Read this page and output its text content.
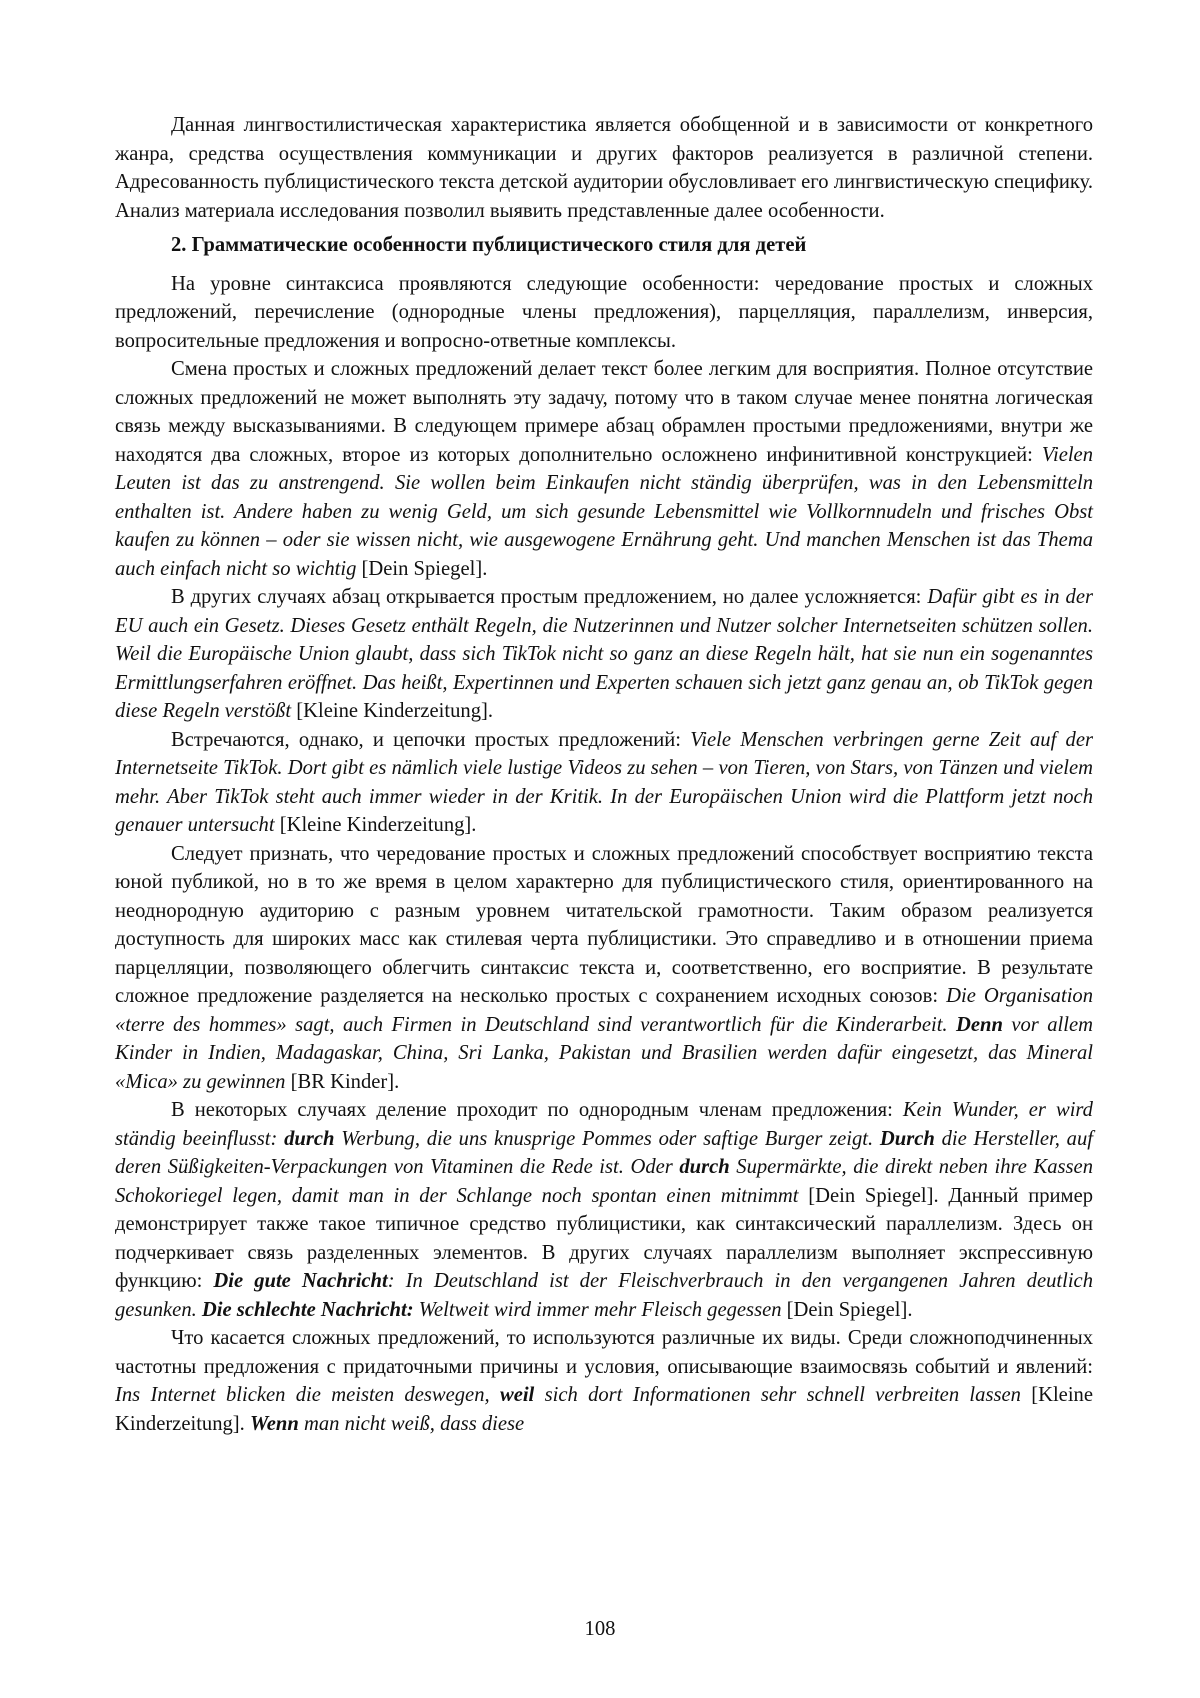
Данная лингвостилистическая характеристика является обобщенной и в зависимости от конкретного жанра, средства осуществления коммуникации и других факторов реализуется в различной степени. Адресованность публицистического текста детской аудитории обусловливает его лингвистическую специфику. Анализ материала исследования позволил выявить представленные далее особенности.

2. Грамматические особенности публицистического стиля для детей

На уровне синтаксиса проявляются следующие особенности: чередование простых и сложных предложений, перечисление (однородные члены предложения), парцелляция, параллелизм, инверсия, вопросительные предложения и вопросно-ответные комплексы.

Смена простых и сложных предложений делает текст более легким для восприятия. Полное отсутствие сложных предложений не может выполнять эту задачу, потому что в таком случае менее понятна логическая связь между высказываниями. В следующем примере абзац обрамлен простыми предложениями, внутри же находятся два сложных, второе из которых дополнительно осложнено инфинитивной конструкцией: Vielen Leuten ist das zu anstrengend. Sie wollen beim Einkaufen nicht ständig überprüfen, was in den Lebensmitteln enthalten ist. Andere haben zu wenig Geld, um sich gesunde Lebensmittel wie Vollkornnudeln und frisches Obst kaufen zu können – oder sie wissen nicht, wie ausgewogene Ernährung geht. Und manchen Menschen ist das Thema auch einfach nicht so wichtig [Dein Spiegel].

В других случаях абзац открывается простым предложением, но далее усложняется: Dafür gibt es in der EU auch ein Gesetz. Dieses Gesetz enthält Regeln, die Nutzerinnen und Nutzer solcher Internetseiten schützen sollen. Weil die Europäische Union glaubt, dass sich TikTok nicht so ganz an diese Regeln hält, hat sie nun ein sogenanntes Ermittlungserfahren eröffnet. Das heißt, Expertinnen und Experten schauen sich jetzt ganz genau an, ob TikTok gegen diese Regeln verstößt [Kleine Kinderzeitung].

Встречаются, однако, и цепочки простых предложений: Viele Menschen verbringen gerne Zeit auf der Internetseite TikTok. Dort gibt es nämlich viele lustige Videos zu sehen – von Tieren, von Stars, von Tänzen und vielem mehr. Aber TikTok steht auch immer wieder in der Kritik. In der Europäischen Union wird die Plattform jetzt noch genauer untersucht [Kleine Kinderzeitung].

Следует признать, что чередование простых и сложных предложений способствует восприятию текста юной публикой, но в то же время в целом характерно для публицистического стиля, ориентированного на неоднородную аудиторию с разным уровнем читательской грамотности. Таким образом реализуется доступность для широких масс как стилевая черта публицистики. Это справедливо и в отношении приема парцелляции, позволяющего облегчить синтаксис текста и, соответственно, его восприятие. В результате сложное предложение разделяется на несколько простых с сохранением исходных союзов: Die Organisation «terre des hommes» sagt, auch Firmen in Deutschland sind verantwortlich für die Kinderarbeit. Denn vor allem Kinder in Indien, Madagaskar, China, Sri Lanka, Pakistan und Brasilien werden dafür eingesetzt, das Mineral «Mica» zu gewinnen [BR Kinder].

В некоторых случаях деление проходит по однородным членам предложения: Kein Wunder, er wird ständig beeinflusst: durch Werbung, die uns knusprige Pommes oder saftige Burger zeigt. Durch die Hersteller, auf deren Süßigkeiten-Verpackungen von Vitaminen die Rede ist. Oder durch Supermärkte, die direkt neben ihre Kassen Schokoriegel legen, damit man in der Schlange noch spontan einen mitnimmt [Dein Spiegel]. Данный пример демонстрирует также такое типичное средство публицистики, как синтаксический параллелизм. Здесь он подчеркивает связь разделенных элементов. В других случаях параллелизм выполняет экспрессивную функцию: Die gute Nachricht: In Deutschland ist der Fleischverbrauch in den vergangenen Jahren deutlich gesunken. Die schlechte Nachricht: Weltweit wird immer mehr Fleisch gegessen [Dein Spiegel].

Что касается сложных предложений, то используются различные их виды. Среди сложноподчиненных частотны предложения с придаточными причины и условия, описывающие взаимосвязь событий и явлений: Ins Internet blicken die meisten deswegen, weil sich dort Informationen sehr schnell verbreiten lassen [Kleine Kinderzeitung]. Wenn man nicht weiß, dass diese

108
